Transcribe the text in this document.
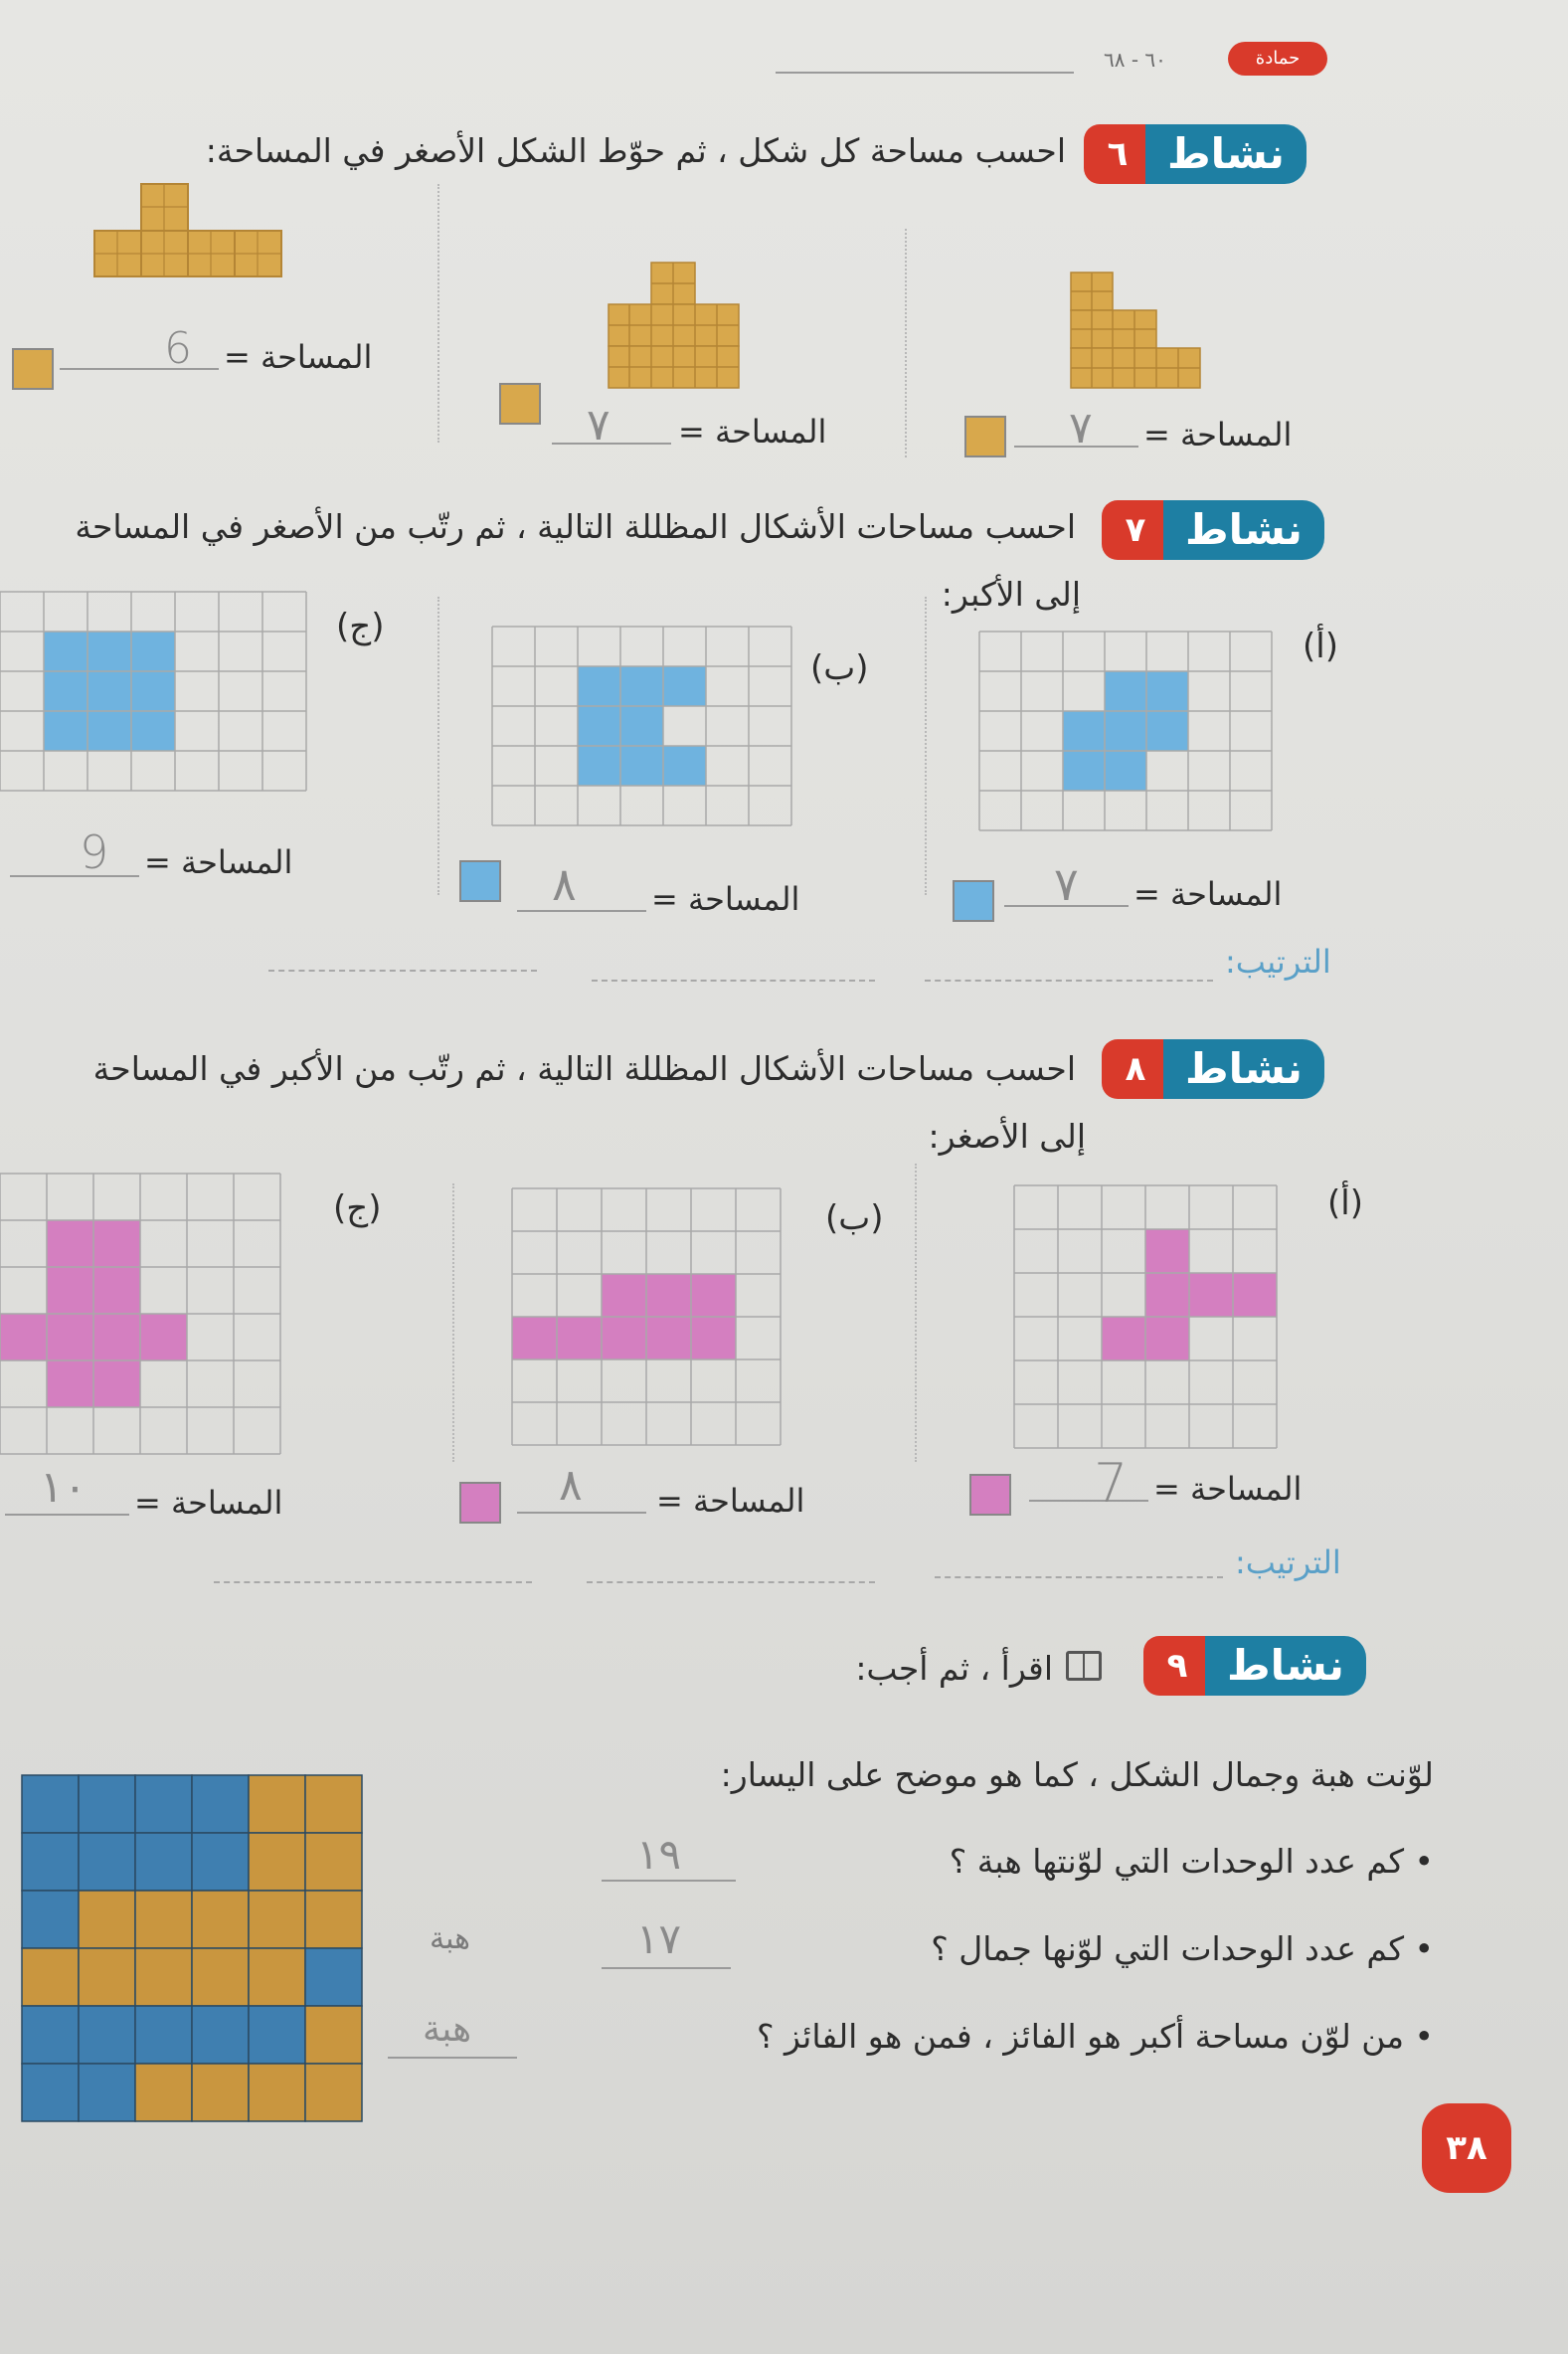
٦٠ - ٦٨	حمادة
٦ نشاط
احسب مساحة كل شكل ، ثم حوّط الشكل الأصغر في المساحة:
المساحة =
6
المساحة =
٧	المساحة =
٧
٧ نشاط
احسب مساحات الأشكال المظللة التالية ، ثم رتّب من الأصغر في المساحة
إلى الأكبر:
(ج)
(ب)
(أ)
المساحة =
9
المساحة =
٨	المساحة =
٧
الترتيب:
٨ نشاط
احسب مساحات الأشكال المظللة التالية ، ثم رتّب من الأكبر في المساحة
إلى الأصغر:
(ج)	(ب)	(أ)
المساحة =
١٠	المساحة =
٨	المساحة =
7
الترتيب:
٩ نشاط
اقرأ ، ثم أجب:
لوّنت هبة وجمال الشكل ، كما هو موضح على اليسار:
• كم عدد الوحدات التي لوّنتها هبة ؟
١٩
• كم عدد الوحدات التي لوّنها جمال ؟
١٧
• من لوّن مساحة أكبر هو الفائز ، فمن هو الفائز ؟
هبة
هبة
٣٨
